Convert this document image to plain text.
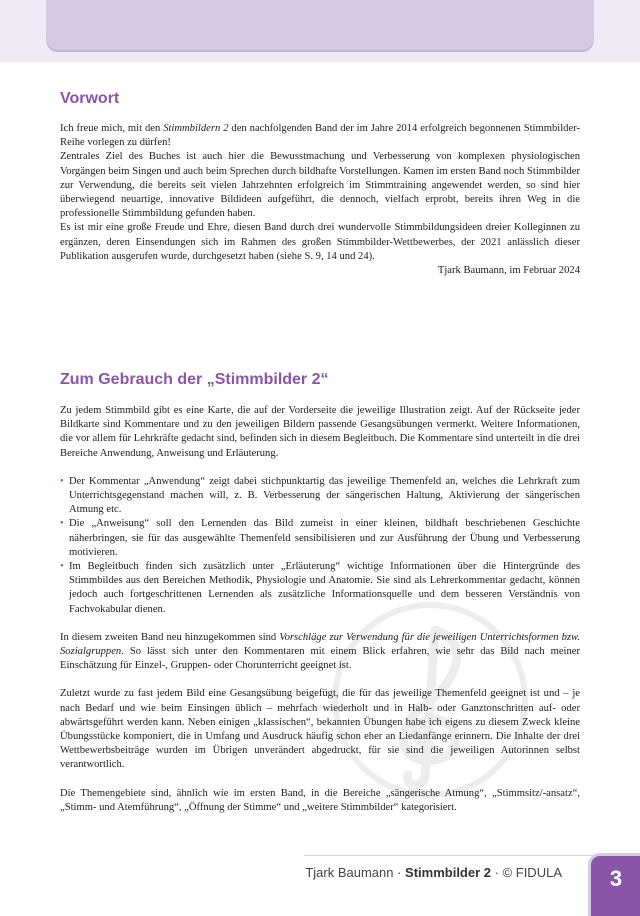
Vorwort

Ich freue mich, mit den Stimmbildern 2 den nachfolgenden Band der im Jahre 2014 erfolgreich begonnenen Stimmbilder-Reihe vorlegen zu dürfen!

Zentrales Ziel des Buches ist auch hier die Bewusstmachung und Verbesserung von komplexen physiologischen Vorgängen beim Singen und auch beim Sprechen durch bildhafte Vorstellungen. Kamen im ersten Band noch Stimmbilder zur Verwendung, die bereits seit vielen Jahrzehnten erfolgreich im Stimmtraining angewendet werden, so sind hier überwiegend neuartige, innovative Bildideen aufgeführt, die dennoch, vielfach erprobt, bereits ihren Weg in die professionelle Stimmbildung gefunden haben.

Es ist mir eine große Freude und Ehre, diesen Band durch drei wundervolle Stimmbildungsideen dreier Kolleginnen zu ergänzen, deren Einsendungen sich im Rahmen des großen Stimmbilder-Wettbewerbes, der 2021 anlässlich dieser Publikation ausgerufen wurde, durchgesetzt haben (siehe S. 9, 14 und 24).

Tjark Baumann, im Februar 2024

Zum Gebrauch der „Stimmbilder 2“

Zu jedem Stimmbild gibt es eine Karte, die auf der Vorderseite die jeweilige Illustration zeigt. Auf der Rückseite jeder Bildkarte sind Kommentare und zu den jeweiligen Bildern passende Gesangsübungen vermerkt. Weitere Informationen, die vor allem für Lehrkräfte gedacht sind, befinden sich in diesem Begleitbuch. Die Kommentare sind unterteilt in die drei Bereiche Anwendung, Anweisung und Erläuterung.

• Der Kommentar „Anwendung“ zeigt dabei stichpunktartig das jeweilige Themenfeld an, welches die Lehrkraft zum Unterrichtsgegenstand machen will, z. B. Verbesserung der sängerischen Haltung, Aktivierung der sängerischen Atmung etc.
• Die „Anweisung“ soll den Lernenden das Bild zumeist in einer kleinen, bildhaft beschriebenen Geschichte näherbringen, sie für das ausgewählte Themenfeld sensibilisieren und zur Ausführung der Übung und Verbesserung motivieren.
• Im Begleitbuch finden sich zusätzlich unter „Erläuterung“ wichtige Informationen über die Hintergründe des Stimmbildes aus den Bereichen Methodik, Physiologie und Anatomie. Sie sind als Lehrerkommentar gedacht, können jedoch auch fortgeschrittenen Lernenden als zusätzliche Informationsquelle und dem besseren Verständnis von Fachvokabular dienen.

In diesem zweiten Band neu hinzugekommen sind Vorschläge zur Verwendung für die jeweiligen Unterrichtsformen bzw. Sozialgruppen. So lässt sich unter den Kommentaren mit einem Blick erfahren, wie sehr das Bild nach meiner Einschätzung für Einzel-, Gruppen- oder Chorunterricht geeignet ist.

Zuletzt wurde zu fast jedem Bild eine Gesangsübung beigefügt, die für das jeweilige Themenfeld geeignet ist und – je nach Bedarf und wie beim Einsingen üblich – mehrfach wiederholt und in Halb- oder Ganztonschritten auf- oder abwärtsgeführt werden kann. Neben einigen „klassischen“, bekannten Übungen habe ich eigens zu diesem Zweck kleine Übungsstücke komponiert, die in Umfang und Ausdruck häufig schon eher an Liedanfänge erinnern. Die Inhalte der drei Wettbewerbsbeiträge wurden im Übrigen unverändert abgedruckt, für sie sind die jeweiligen Autorinnen selbst verantwortlich.

Die Themengebiete sind, ähnlich wie im ersten Band, in die Bereiche „sängerische Atmung“, „Stimmsitz/-ansatz“, „Stimm- und Atemführung“, „Öffnung der Stimme“ und „weitere Stimmbilder“ kategorisiert.

Tjark Baumann · Stimmbilder 2 · © FIDULA	3
